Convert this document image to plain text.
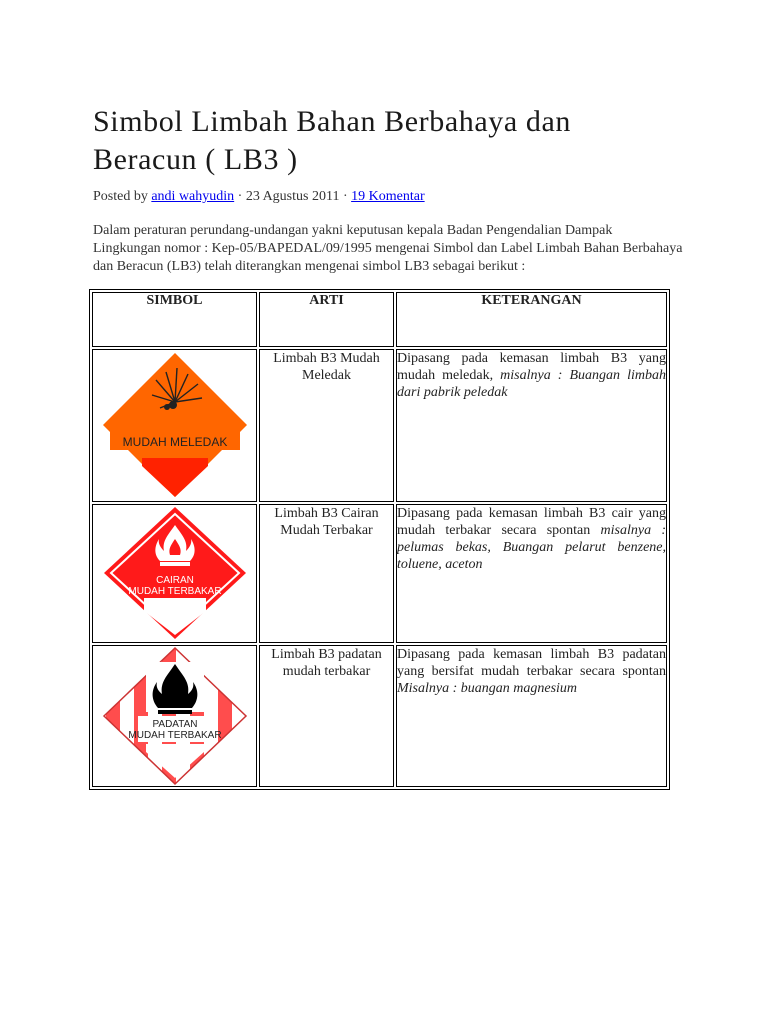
Simbol Limbah Bahan Berbahaya dan Beracun ( LB3 )
Posted by andi wahyudin · 23 Agustus 2011 · 19 Komentar

Dalam peraturan perundang-undangan yakni keputusan kepala Badan Pengendalian Dampak Lingkungan nomor : Kep-05/BAPEDAL/09/1995 mengenai Simbol dan Label Limbah Bahan Berbahaya dan Beracun (LB3) telah diterangkan mengenai simbol LB3 sebagai berikut :

SIMBOL	ARTI	KETERANGAN

MUDAH MELEDAK	Limbah B3 Mudah Meledak	Dipasang pada kemasan limbah B3 yang mudah meledak, misalnya : Buangan limbah dari pabrik peledak

CAIRAN
MUDAH TERBAKAR	Limbah B3 Cairan Mudah Terbakar	Dipasang pada kemasan limbah B3 cair yang mudah terbakar secara spontan misalnya : pelumas bekas, Buangan pelarut benzene, toluene, aceton

PADATAN
MUDAH TERBAKAR	Limbah B3 padatan mudah terbakar	Dipasang pada kemasan limbah B3 padatan yang bersifat mudah terbakar secara spontan Misalnya : buangan magnesium
